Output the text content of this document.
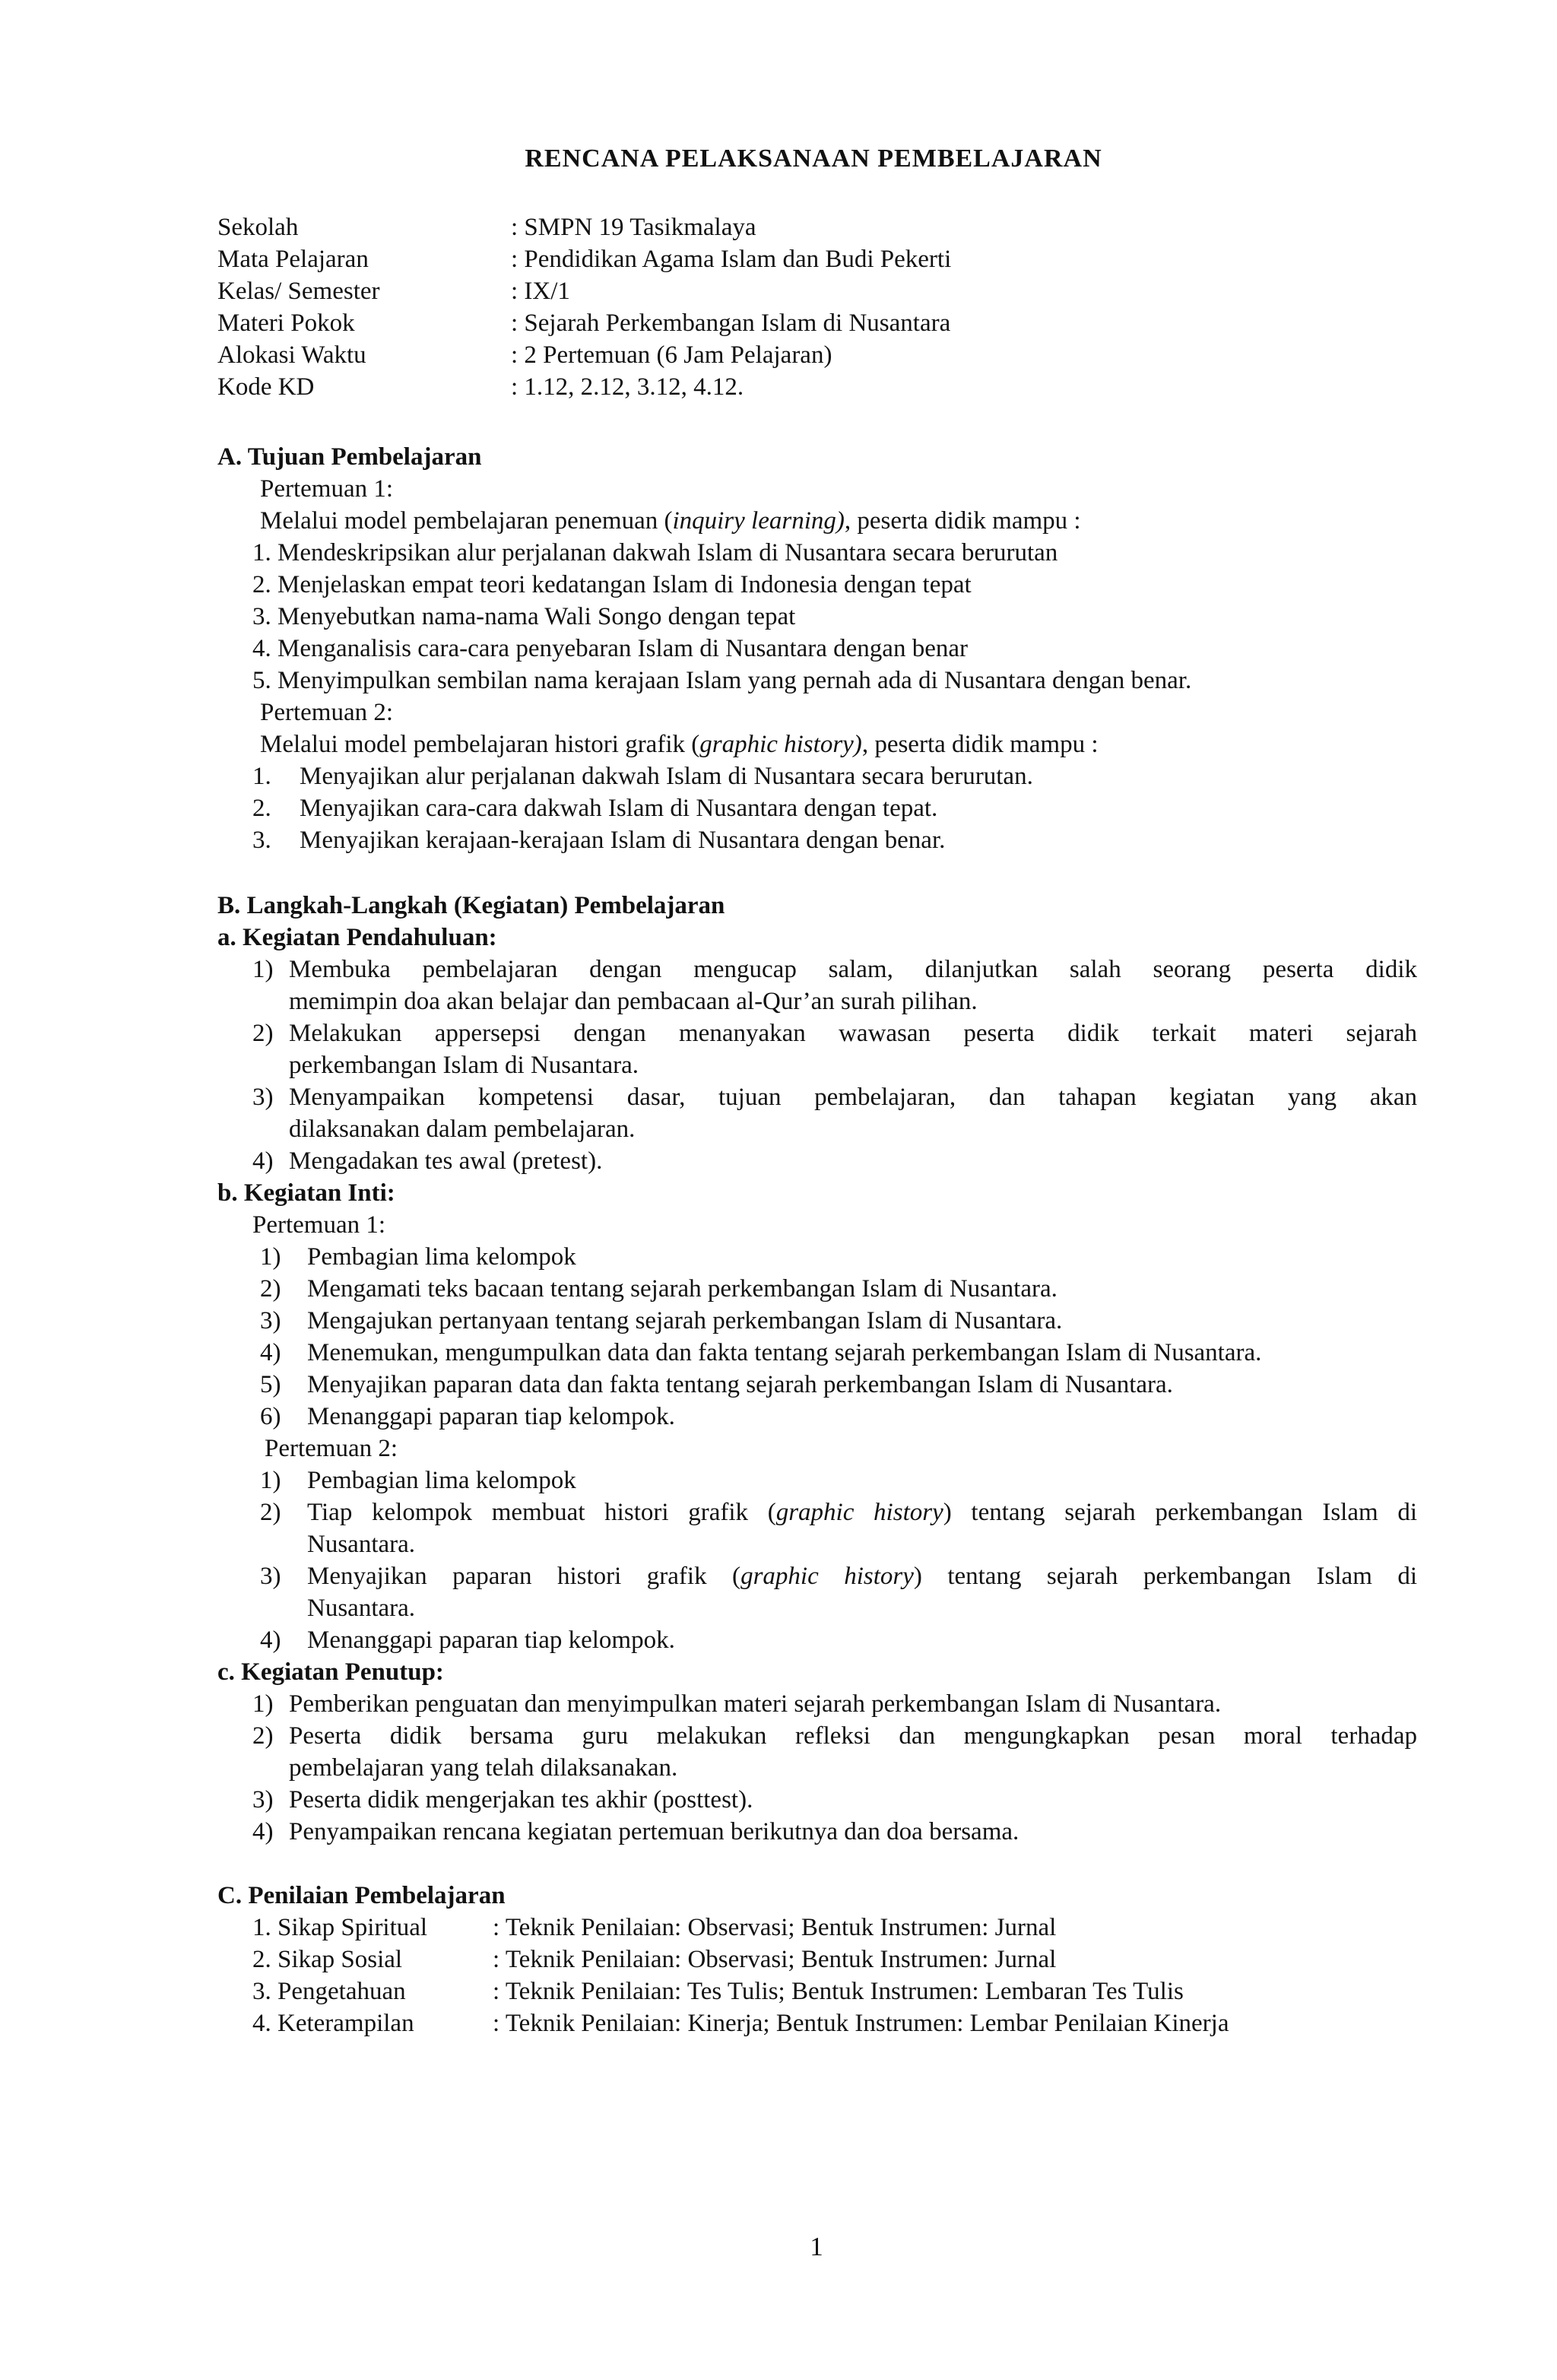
RENCANA PELAKSANAAN PEMBELAJARAN
Sekolah	: SMPN 19 Tasikmalaya
Mata Pelajaran	: Pendidikan Agama Islam dan Budi Pekerti
Kelas/ Semester	: IX/1
Materi Pokok	: Sejarah Perkembangan Islam di Nusantara
Alokasi Waktu	: 2 Pertemuan (6 Jam Pelajaran)
Kode KD	: 1.12, 2.12, 3.12, 4.12.
A. Tujuan Pembelajaran
Pertemuan 1:
Melalui model pembelajaran penemuan (inquiry learning), peserta didik mampu :
1. Mendeskripsikan alur perjalanan dakwah Islam di Nusantara secara berurutan
2. Menjelaskan empat teori kedatangan Islam di Indonesia dengan tepat
3. Menyebutkan nama-nama Wali Songo dengan tepat
4. Menganalisis cara-cara penyebaran Islam di Nusantara dengan benar
5. Menyimpulkan sembilan nama kerajaan Islam yang pernah ada di Nusantara dengan benar.
Pertemuan 2:
Melalui model pembelajaran histori grafik (graphic history), peserta didik mampu :
1. Menyajikan alur perjalanan dakwah Islam di Nusantara secara berurutan.
2. Menyajikan cara-cara dakwah Islam di Nusantara dengan tepat.
3. Menyajikan kerajaan-kerajaan Islam di Nusantara dengan benar.
B. Langkah-Langkah (Kegiatan) Pembelajaran
a. Kegiatan Pendahuluan:
1) Membuka pembelajaran dengan mengucap salam, dilanjutkan salah seorang peserta didik
memimpin doa akan belajar dan pembacaan al-Qur’an surah pilihan.
2) Melakukan appersepsi dengan menanyakan wawasan peserta didik terkait materi sejarah
perkembangan Islam di Nusantara.
3) Menyampaikan kompetensi dasar, tujuan pembelajaran, dan tahapan kegiatan yang akan
dilaksanakan dalam pembelajaran.
4) Mengadakan tes awal (pretest).
b. Kegiatan Inti:
Pertemuan 1:
1) Pembagian lima kelompok
2) Mengamati teks bacaan tentang sejarah perkembangan Islam di Nusantara.
3) Mengajukan pertanyaan tentang sejarah perkembangan Islam di Nusantara.
4) Menemukan, mengumpulkan data dan fakta tentang sejarah perkembangan Islam di Nusantara.
5) Menyajikan paparan data dan fakta tentang sejarah perkembangan Islam di Nusantara.
6) Menanggapi paparan tiap kelompok.
Pertemuan 2:
1) Pembagian lima kelompok
2) Tiap kelompok membuat histori grafik (graphic history) tentang sejarah perkembangan Islam di
Nusantara.
3) Menyajikan paparan histori grafik (graphic history) tentang sejarah perkembangan Islam di
Nusantara.
4) Menanggapi paparan tiap kelompok.
c. Kegiatan Penutup:
1) Pemberikan penguatan dan menyimpulkan materi sejarah perkembangan Islam di Nusantara.
2) Peserta didik bersama guru melakukan refleksi dan mengungkapkan pesan moral terhadap
pembelajaran yang telah dilaksanakan.
3) Peserta didik mengerjakan tes akhir (posttest).
4) Penyampaikan rencana kegiatan pertemuan berikutnya dan doa bersama.
C. Penilaian Pembelajaran
1. Sikap Spiritual	: Teknik Penilaian: Observasi; Bentuk Instrumen: Jurnal
2. Sikap Sosial	: Teknik Penilaian: Observasi; Bentuk Instrumen: Jurnal
3. Pengetahuan	: Teknik Penilaian: Tes Tulis; Bentuk Instrumen: Lembaran Tes Tulis
4. Keterampilan	: Teknik Penilaian: Kinerja; Bentuk Instrumen: Lembar Penilaian Kinerja
1
